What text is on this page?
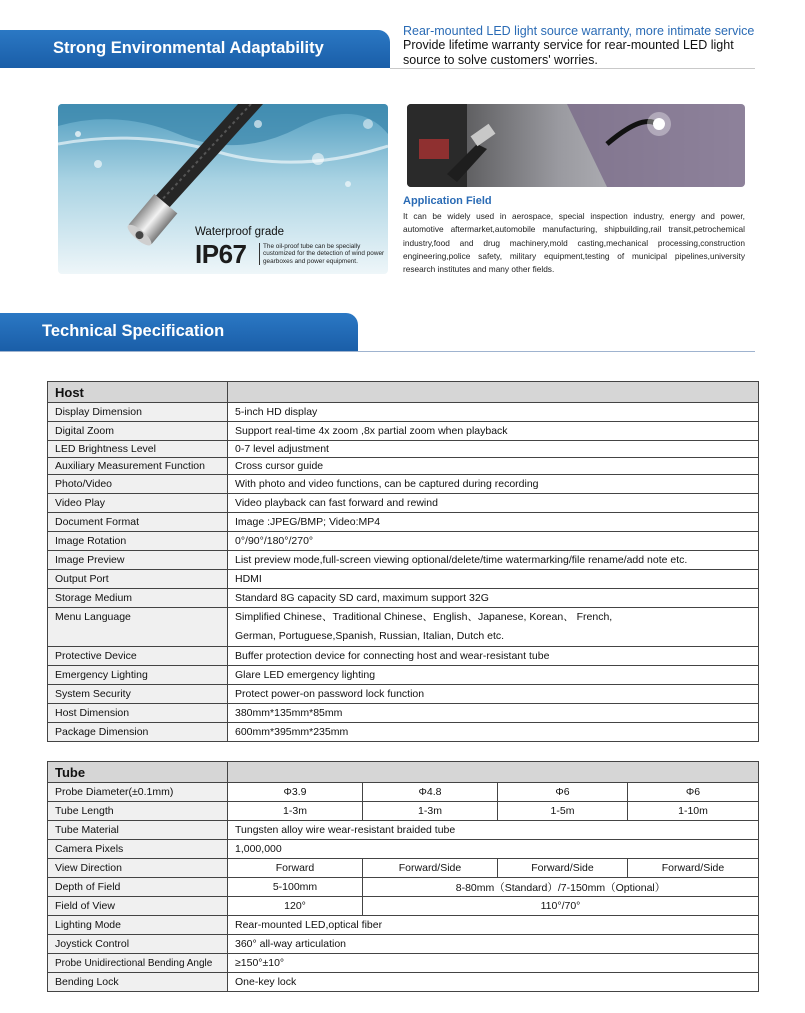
Strong Environmental Adaptability
Rear-mounted LED light source warranty, more intimate service
Provide lifetime warranty service for rear-mounted LED light source to solve customers' worries.
Waterproof grade
IP67	The oil-proof tube can be specially customized for the detection of wind power gearboxes and power equipment.
Application Field
It can be widely used in aerospace, special inspection industry, energy and power, automotive aftermarket,automobile manufacturing, shipbuilding,rail transit,petrochemical industry,food and drug machinery,mold casting,mechanical processing,construction engineering,police safety, military equipment,testing of municipal pipelines,university research institutes and many other fields.
Technical Specification
Host	
Display Dimension	5-inch HD display
Digital Zoom	Support real-time 4x zoom ,8x partial zoom when playback
LED Brightness Level	0-7 level adjustment
Auxiliary Measurement Function	Cross cursor guide
Photo/Video	With photo and video functions, can be captured during recording
Video Play	Video playback can fast forward and rewind
Document Format	Image :JPEG/BMP; Video:MP4
Image Rotation	0°/90°/180°/270°
Image Preview	List preview mode,full-screen viewing optional/delete/time watermarking/file rename/add note etc.
Output Port	HDMI
Storage Medium	Standard 8G capacity SD card, maximum support 32G
Menu Language	Simplified Chinese、Traditional Chinese、English、Japanese, Korean、 French,
German, Portuguese,Spanish, Russian, Italian, Dutch etc.

Protective Device	Buffer protection device for connecting host and wear-resistant tube
Emergency Lighting	Glare LED emergency lighting
System Security	Protect power-on password lock function
Host Dimension	380mm*135mm*85mm
Package Dimension	600mm*395mm*235mm
Tube				
Probe Diameter(±0.1mm)	Φ3.9	Φ4.8	Φ6	Φ6
Tube Length	1-3m	1-3m	1-5m	1-10m
Tube Material	Tungsten alloy wire wear-resistant braided tube			
Camera Pixels	1,000,000			
View Direction	Forward	Forward/Side	Forward/Side	Forward/Side
Depth of Field	5-100mm	8-80mm（Standard）/7-150mm（Optional）		
Field of View	120°	110°/70°		
Lighting Mode	Rear-mounted LED,optical fiber			
Joystick Control	360° all-way articulation			
Probe Unidirectional Bending Angle	≥150°±10°			
Bending Lock	One-key lock			
